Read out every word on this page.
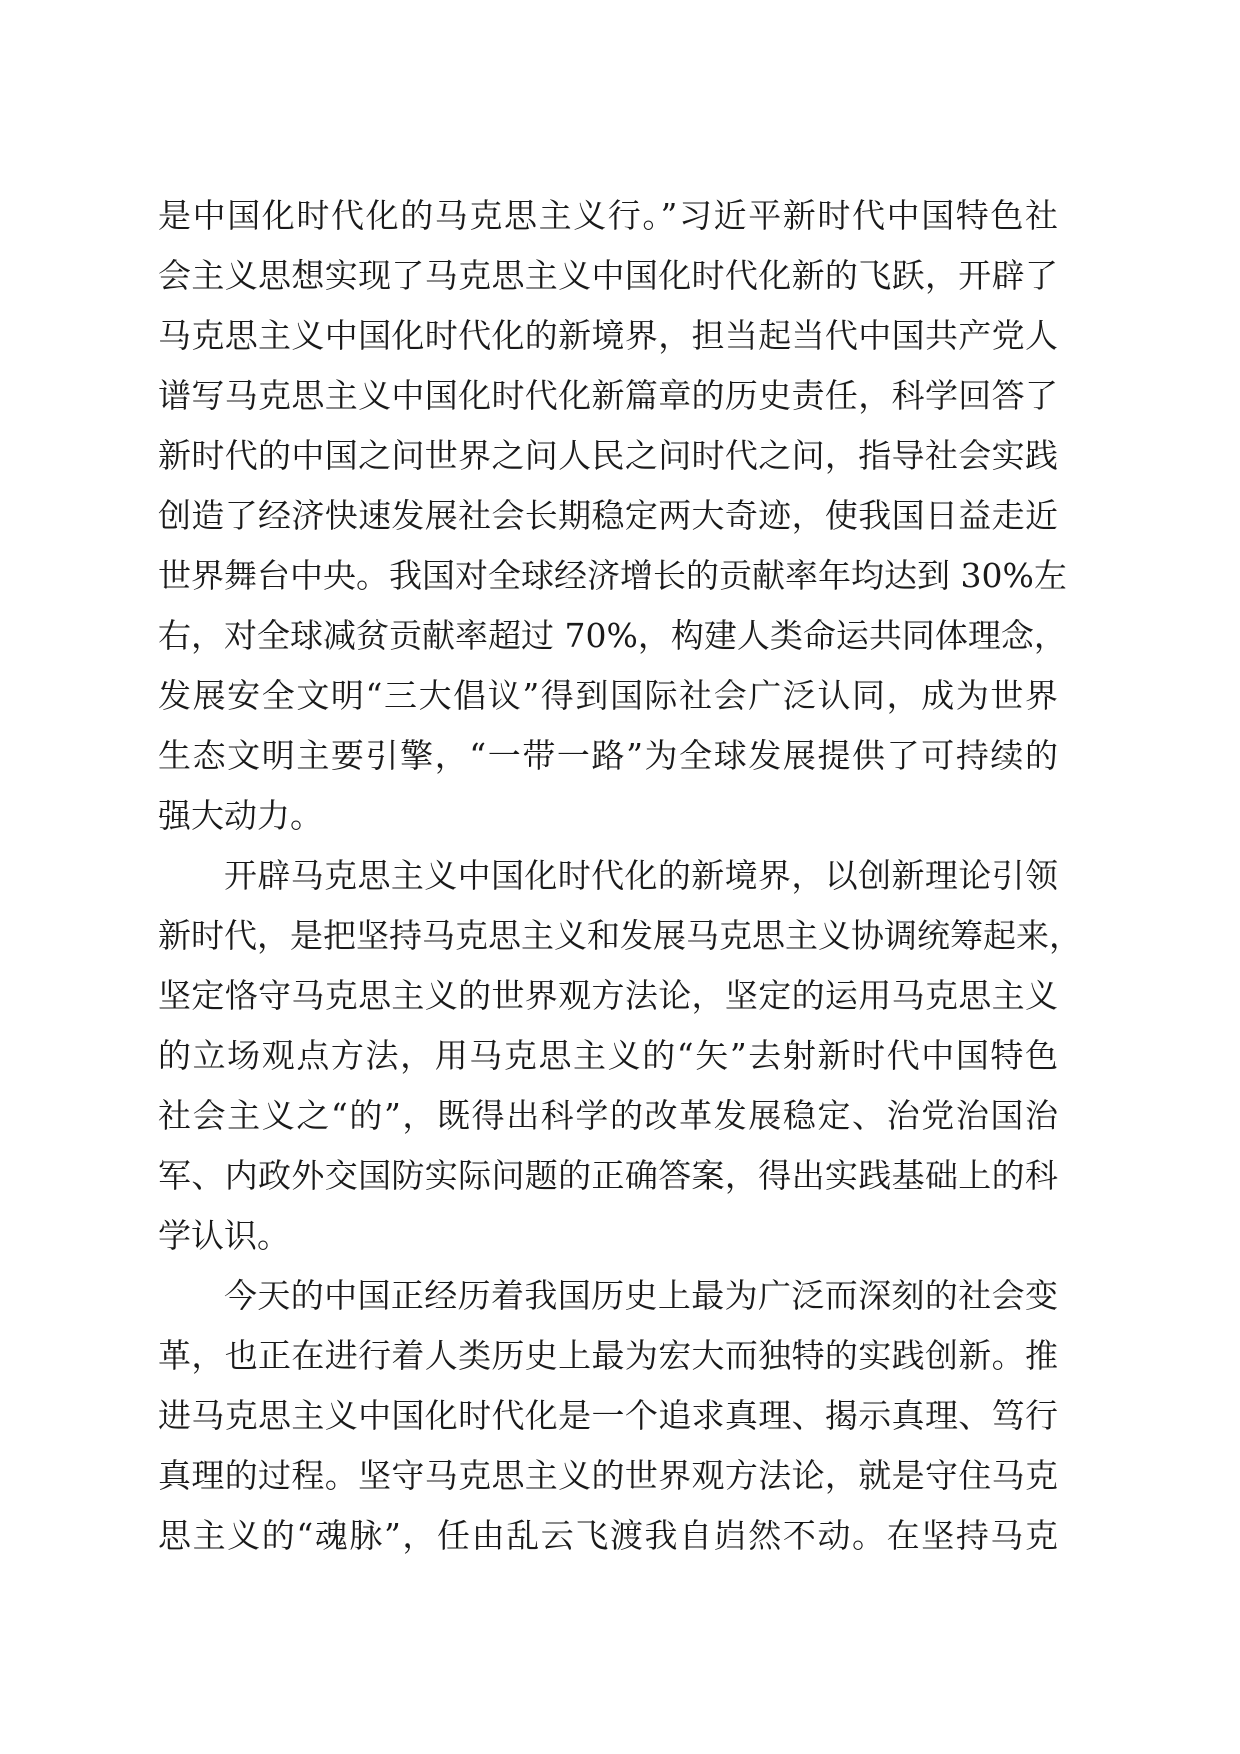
是中国化时代化的马克思主义行。”习近平新时代中国特色社
会主义思想实现了马克思主义中国化时代化新的飞跃，开辟了
马克思主义中国化时代化的新境界，担当起当代中国共产党人
谱写马克思主义中国化时代化新篇章的历史责任，科学回答了
新时代的中国之问世界之问人民之问时代之问，指导社会实践
创造了经济快速发展社会长期稳定两大奇迹，使我国日益走近
世界舞台中央。我国对全球经济增长的贡献率年均达到 30%左
右，对全球减贫贡献率超过 70%，构建人类命运共同体理念，
发展安全文明“三大倡议”得到国际社会广泛认同，成为世界
生态文明主要引擎，“一带一路”为全球发展提供了可持续的
强大动力。
开辟马克思主义中国化时代化的新境界，以创新理论引领
新时代，是把坚持马克思主义和发展马克思主义协调统筹起来，
坚定恪守马克思主义的世界观方法论，坚定的运用马克思主义
的立场观点方法，用马克思主义的“矢”去射新时代中国特色
社会主义之“的”，既得出科学的改革发展稳定、治党治国治
军、内政外交国防实际问题的正确答案，得出实践基础上的科
学认识。
今天的中国正经历着我国历史上最为广泛而深刻的社会变
革，也正在进行着人类历史上最为宏大而独特的实践创新。推
进马克思主义中国化时代化是一个追求真理、揭示真理、笃行
真理的过程。坚守马克思主义的世界观方法论，就是守住马克
思主义的“魂脉”，任由乱云飞渡我自岿然不动。在坚持马克
